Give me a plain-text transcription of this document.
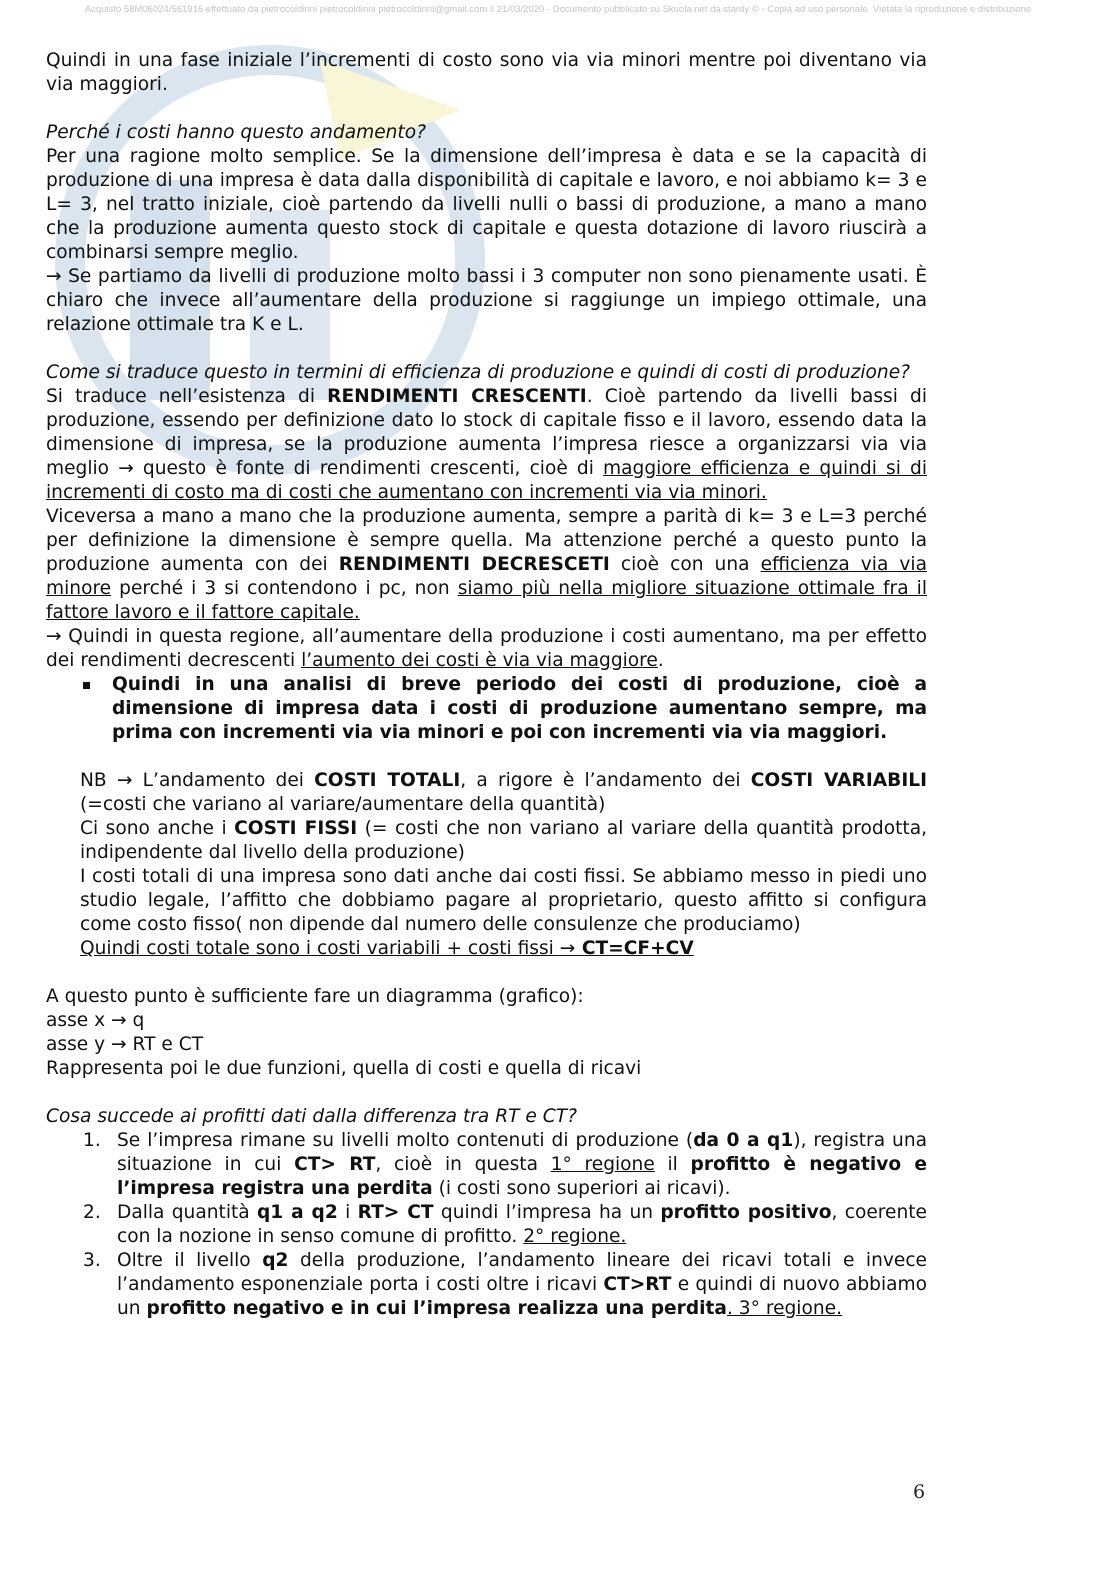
Acquisto 58M06024/561916 effettuato da pietrocoldinni pietrocoldinni pietrocoldinni@gmail.com il 21/03/2020 - Documento pubblicato su Skuola.net da stardy © - Copia ad uso personale. Vietata la riproduzione e distribuzione

Quindi in una fase iniziale l’incrementi di costo sono via via minori mentre poi diventano via via maggiori.

Perché i costi hanno questo andamento?

Per una ragione molto semplice. Se la dimensione dell’impresa è data e se la capacità di produzione di una impresa è data dalla disponibilità di capitale e lavoro, e noi abbiamo k= 3 e L= 3, nel tratto iniziale, cioè partendo da livelli nulli o bassi di produzione, a mano a mano che la produzione aumenta questo stock di capitale e questa dotazione di lavoro riuscirà a combinarsi sempre meglio.

→ Se partiamo da livelli di produzione molto bassi i 3 computer non sono pienamente usati. È chiaro che invece all’aumentare della produzione si raggiunge un impiego ottimale, una relazione ottimale tra K e L.

Come si traduce questo in termini di efficienza di produzione e quindi di costi di produzione?

Si traduce nell’esistenza di RENDIMENTI CRESCENTI. Cioè partendo da livelli bassi di produzione, essendo per definizione dato lo stock di capitale fisso e il lavoro, essendo data la dimensione di impresa, se la produzione aumenta l’impresa riesce a organizzarsi via via meglio → questo è fonte di rendimenti crescenti, cioè di maggiore efficienza e quindi si di incrementi di costo ma di costi che aumentano con incrementi via via minori.

Viceversa a mano a mano che la produzione aumenta, sempre a parità di k= 3 e L=3 perché per definizione la dimensione è sempre quella. Ma attenzione perché a questo punto la produzione aumenta con dei RENDIMENTI DECRESCETI cioè con una efficienza via via minore perché i 3 si contendono i pc, non siamo più nella migliore situazione ottimale fra il fattore lavoro e il fattore capitale.

→ Quindi in questa regione, all’aumentare della produzione i costi aumentano, ma per effetto dei rendimenti decrescenti l’aumento dei costi è via via maggiore.

Quindi in una analisi di breve periodo dei costi di produzione, cioè a dimensione di impresa data i costi di produzione aumentano sempre, ma prima con incrementi via via minori e poi con incrementi via via maggiori.

NB → L’andamento dei COSTI TOTALI, a rigore è l’andamento dei COSTI VARIABILI (=costi che variano al variare/aumentare della quantità)

Ci sono anche i COSTI FISSI (= costi che non variano al variare della quantità prodotta, indipendente dal livello della produzione)

I costi totali di una impresa sono dati anche dai costi fissi. Se abbiamo messo in piedi uno studio legale, l’affitto che dobbiamo pagare al proprietario, questo affitto si configura come costo fisso( non dipende dal numero delle consulenze che produciamo)

Quindi costi totale sono i costi variabili + costi fissi → CT=CF+CV

A questo punto è sufficiente fare un diagramma (grafico):

asse x → q

asse y → RT e CT

Rappresenta poi le due funzioni, quella di costi e quella di ricavi

Cosa succede ai profitti dati dalla differenza tra RT e CT?

1. Se l’impresa rimane su livelli molto contenuti di produzione (da 0 a q1), registra una situazione in cui CT> RT, cioè in questa 1° regione il profitto è negativo e l’impresa registra una perdita (i costi sono superiori ai ricavi).

2. Dalla quantità q1 a q2 i RT> CT quindi l’impresa ha un profitto positivo, coerente con la nozione in senso comune di profitto. 2° regione.

3. Oltre il livello q2 della produzione, l’andamento lineare dei ricavi totali e invece l’andamento esponenziale porta i costi oltre i ricavi CT>RT e quindi di nuovo abbiamo un profitto negativo e in cui l’impresa realizza una perdita. 3° regione.

6
